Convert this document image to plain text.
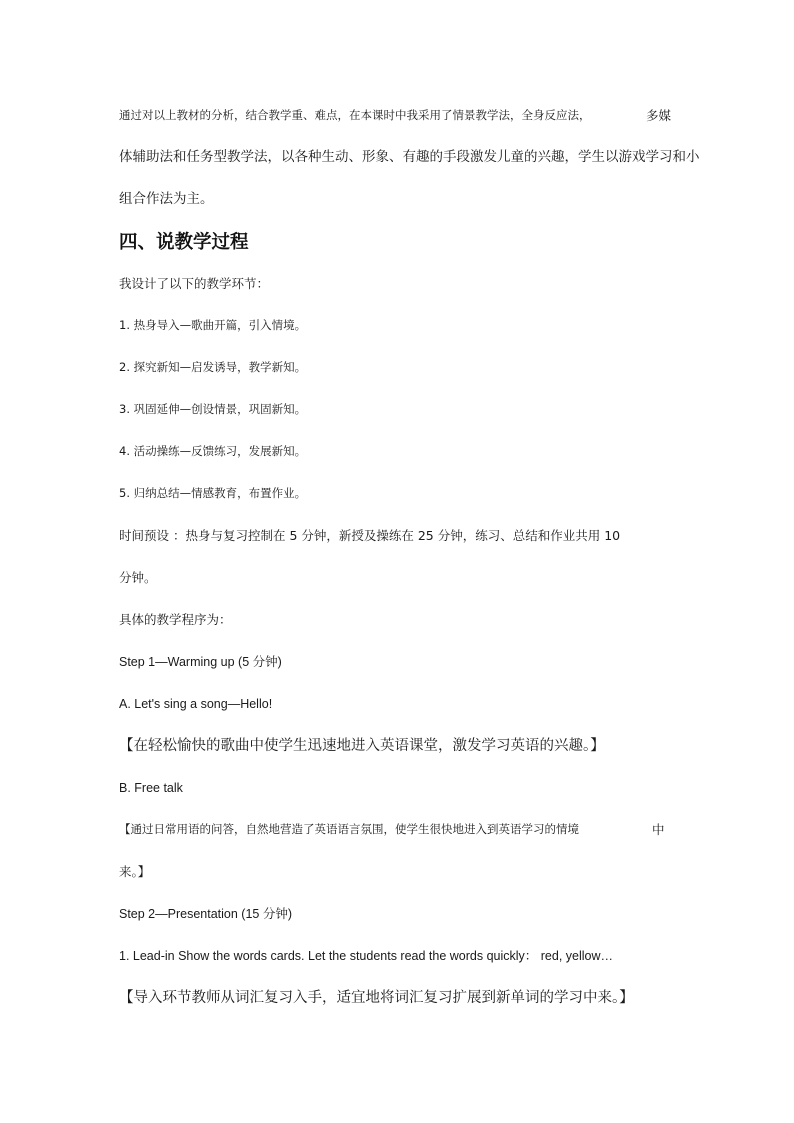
通过对以上教材的分析，结合教学重、难点，在本课时中我采用了情景教学法，全身反应法，	多媒
体辅助法和任务型教学法，以各种生动、形象、有趣的手段激发儿童的兴趣，学生以游戏学习和小
组合作法为主。
四、说教学过程
我设计了以下的教学环节：
1. 热身导入—歌曲开篇，引入情境。
2. 探究新知—启发诱导，教学新知。
3. 巩固延伸—创设情景，巩固新知。
4. 活动操练—反馈练习，发展新知。
5. 归纳总结—情感教育，布置作业。
时间预设 ：热身与复习控制在 5 分钟，新授及操练在 25 分钟，练习、总结和作业共用 10
分钟。
具体的教学程序为：
Step 1—Warming up (5 分钟)
A. Let's sing a song—Hello!
【在轻松愉快的歌曲中使学生迅速地进入英语课堂，激发学习英语的兴趣。】
B. Free talk
【通过日常用语的问答，自然地营造了英语语言氛围，使学生很快地进入到英语学习的情境	中
来。】
Step 2—Presentation (15 分钟)
1. Lead-in Show the words cards. Let the students read the words quickly： red, yellow…
【导入环节教师从词汇复习入手，适宜地将词汇复习扩展到新单词的学习中来。】
